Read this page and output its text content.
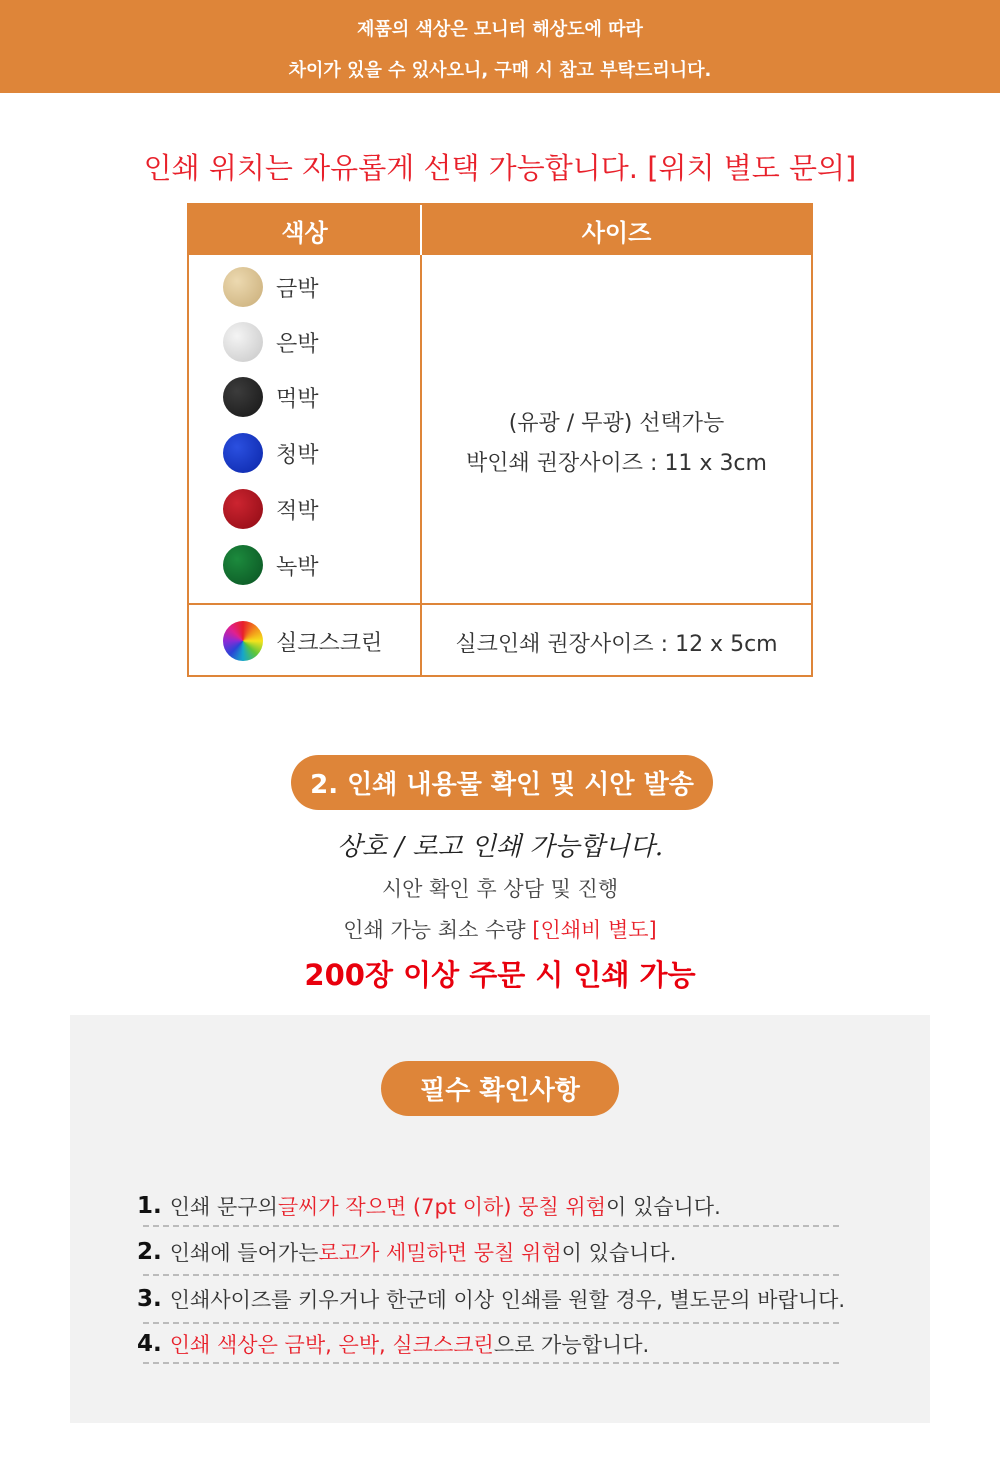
제품의 색상은 모니터 해상도에 따라
차이가 있을 수 있사오니, 구매 시 참고 부탁드리니다.
인쇄 위치는 자유롭게 선택 가능합니다. [위치 별도 문의]
색상	사이즈
금박
은박
먹박
청박
적박
녹박
(유광 / 무광) 선택가능
박인쇄 권장사이즈 : 11 x 3cm
실크스크린	실크인쇄 권장사이즈 : 12 x 5cm
2. 인쇄 내용물 확인 및 시안 발송
상호 / 로고 인쇄 가능합니다.
시안 확인 후 상담 및 진행
인쇄 가능 최소 수량 [인쇄비 별도]
200장 이상 주문 시 인쇄 가능
필수 확인사항
1. 인쇄 문구의 글씨가 작으면 (7pt 이하) 뭉칠 위험 이 있습니다.
2. 인쇄에 들어가는 로고가 세밀하면 뭉칠 위험 이 있습니다.
3. 인쇄사이즈를 키우거나 한군데 이상 인쇄를 원할 경우, 별도문의 바랍니다.
4. 인쇄 색상은 금박, 은박, 실크스크린 으로 가능합니다.
